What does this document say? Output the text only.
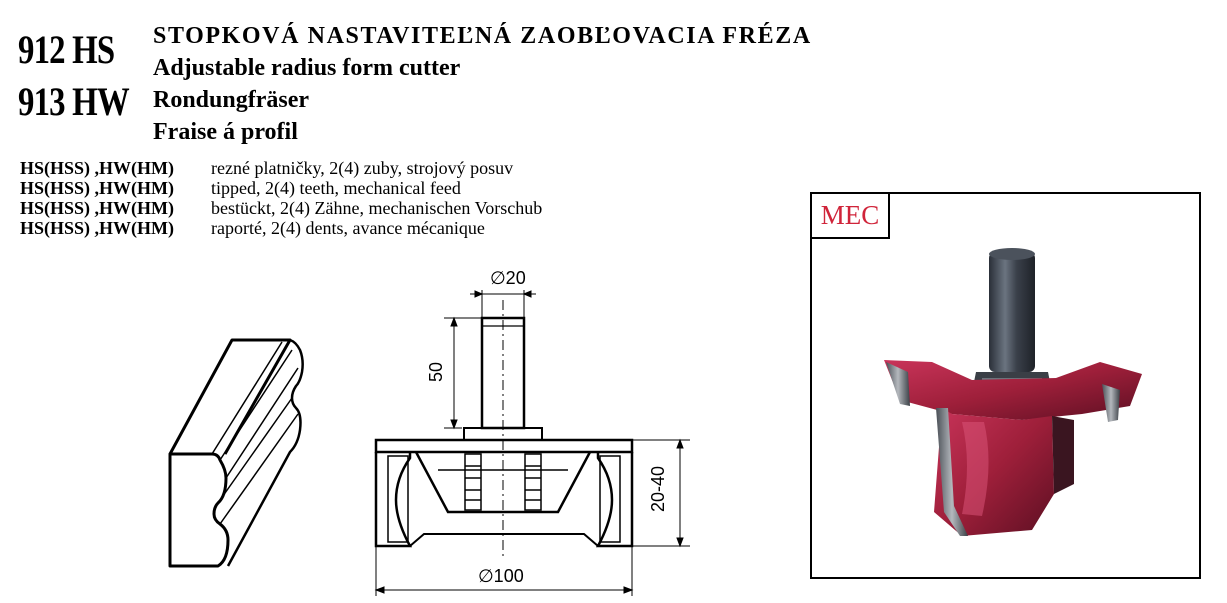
912 HS
913 HW
STOPKOVÁ NASTAVITEĽNÁ ZAOBĽOVACIA FRÉZA
Adjustable radius form cutter
Rondungfräser
Fraise á profil
HS(HSS) ,HW(HM)	rezné platničky, 2(4) zuby, strojový posuv
HS(HSS) ,HW(HM)	tipped, 2(4) teeth, mechanical feed
HS(HSS) ,HW(HM)	bestückt, 2(4) Zähne, mechanischen Vorschub
HS(HSS) ,HW(HM)	raporté, 2(4) dents, avance mécanique
∅20
50
20-40
∅100
MEC
